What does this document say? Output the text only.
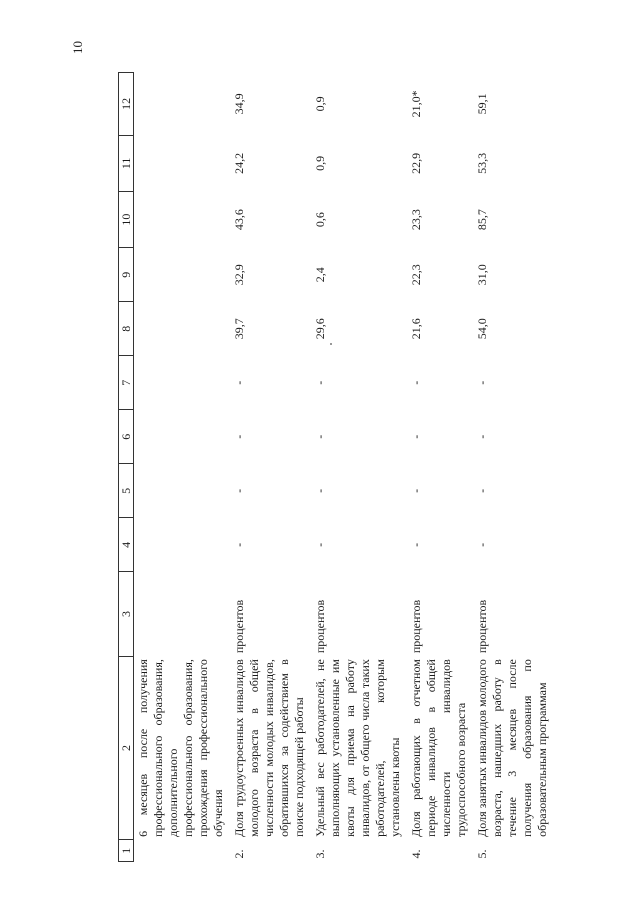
10
1	2	3	4	5	6	7	8	9	10	11	12
	6 месяцев после получения профессионального образования, дополнительного профессионального образования, прохождения профессионального обучения										
2.	Доля трудоустроенных инвалидов молодого возраста в общей численности молодых инвалидов, обратившихся за содействием в поиске подходящей работы	процентов	-	-	-	-	39,7	32,9	43,6	24,2	34,9
3.	Удельный вес работодателей, не выполняющих установленные им квоты для приема на работу инвалидов, от общего числа таких работодателей, которым установлены квоты	процентов	-	-	-	-	29,6	2,4	0,6	0,9	0,9
4.	Доля работающих в отчетном периоде инвалидов в общей численности инвалидов трудоспособного возраста	процентов	-	-	-	-	21,6	22,3	23,3	22,9	21,0*
5.	Доля занятых инвалидов молодого возраста, нашедших работу в течение 3 месяцев после получения образования по образовательным программам	процентов	-	-	-	-	54,0	31,0	85,7	53,3	59,1
